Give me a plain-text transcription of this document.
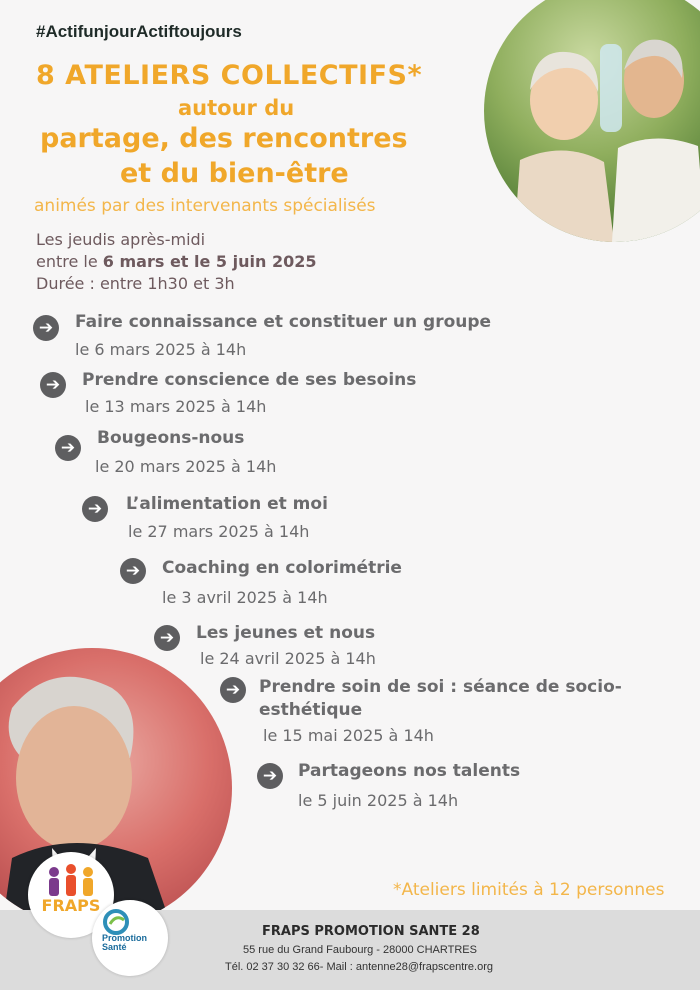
#ActifunjourActiftoujours
8 ATELIERS COLLECTIFS*
autour du
partage, des rencontres
et du bien-être
animés par des intervenants spécialisés
Les jeudis après-midi
entre le 6 mars et le 5 juin 2025
Durée : entre 1h30 et 3h
➔	Faire connaissance et constituer un groupe
le 6 mars 2025 à 14h
➔	Prendre conscience de ses besoins
le 13 mars 2025 à 14h
➔	Bougeons-nous
le 20 mars 2025 à 14h
➔	L’alimentation et moi
le 27 mars 2025 à 14h
➔	Coaching en colorimétrie
le 3 avril 2025 à 14h
➔	Les jeunes et nous
le 24 avril 2025 à 14h
➔	Prendre soin de soi : séance de socio-
esthétique
le 15 mai 2025 à 14h
➔	Partageons nos talents
le 5 juin 2025 à 14h
*Ateliers limités à 12 personnes
FRAPS PROMOTION SANTE 28
55 rue du Grand Faubourg - 28000 CHARTRES
Tél. 02 37 30 32 66- Mail : antenne28@frapscentre.org
FRAPS
Promotion
Santé
